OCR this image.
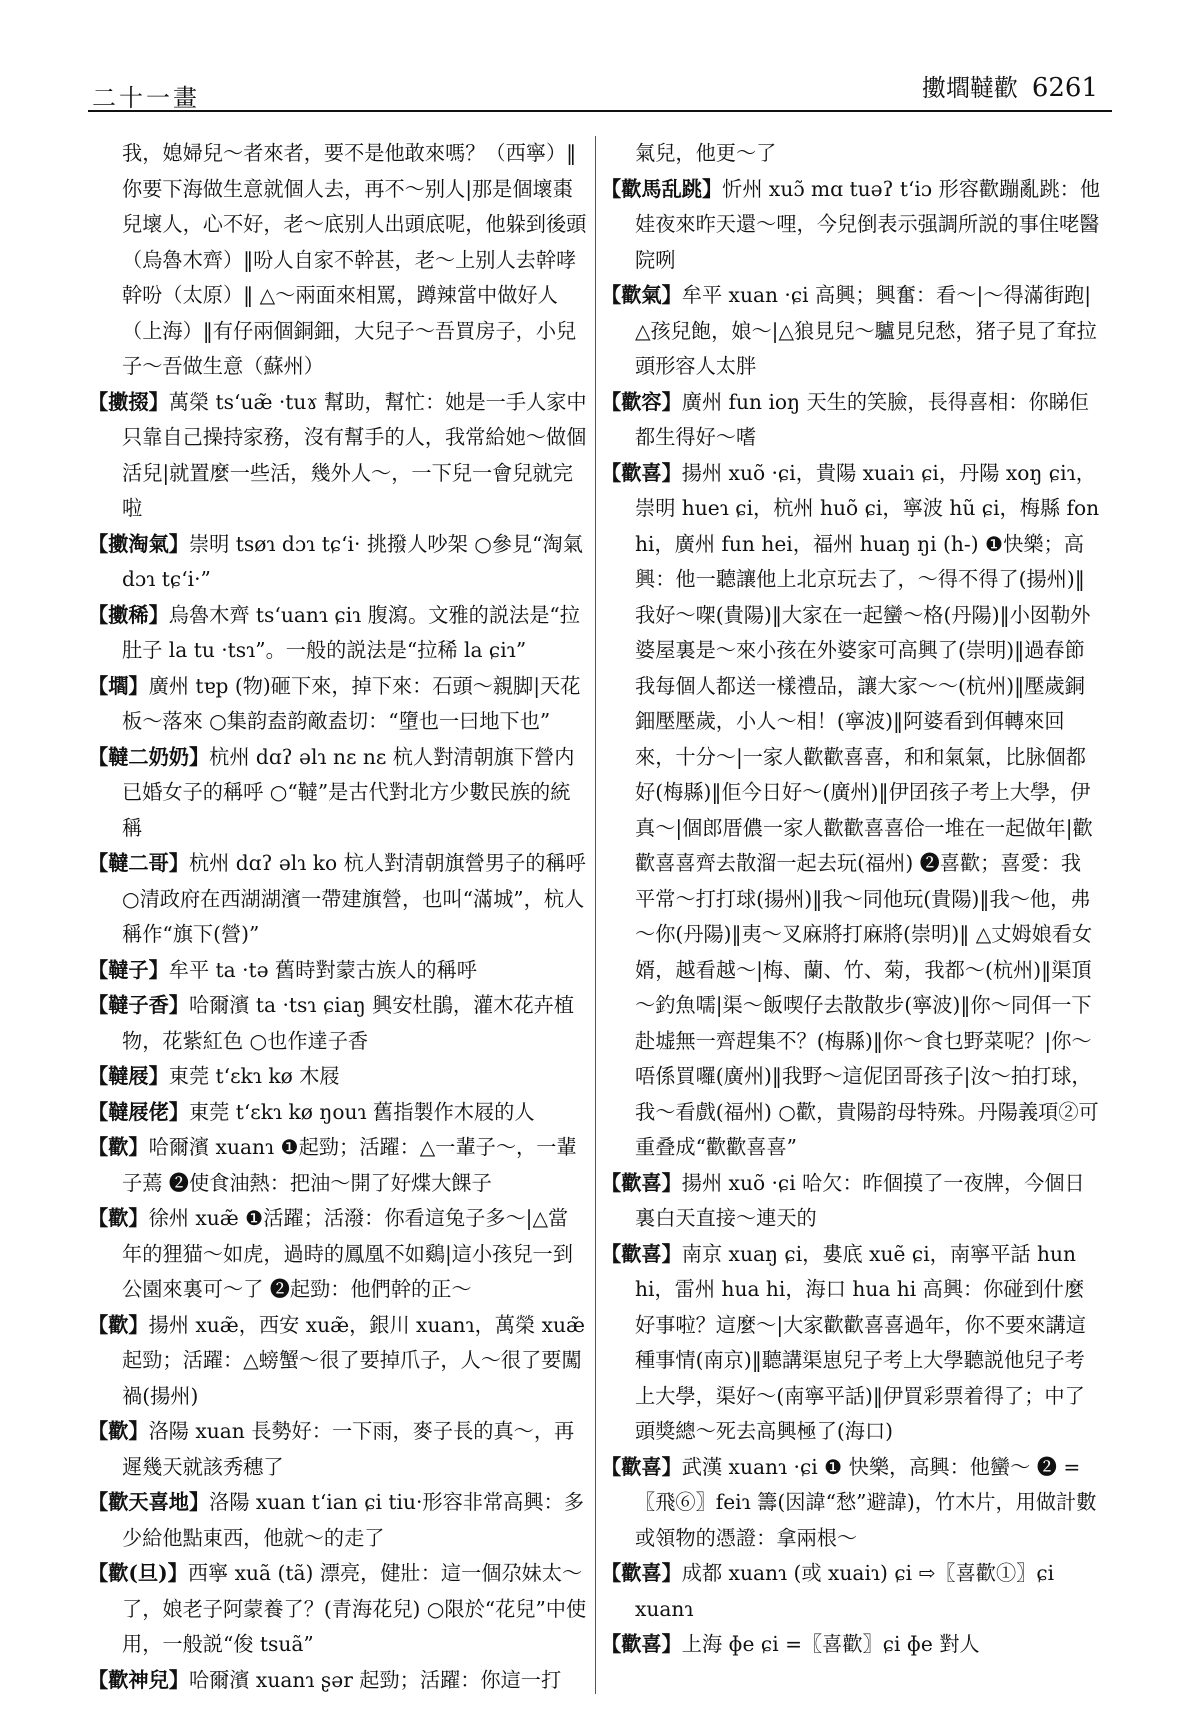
二十一畫	擻壛韃歡 6261

我，媳婦兒～者來者，要不是他敢來嗎？（西寧）‖你要下海做生意就個人去，再不～别人|那是個壞棗兒壞人，心不好，老～底别人出頭底呢，他躲到後頭（烏魯木齊）‖吩人自家不幹甚，老～上别人去幹哮幹吩（太原）‖ △～兩面來相罵，蹲辣當中做好人（上海）‖有仔兩個銅鈿，大兒子～吾買房子，小兒子～吾做生意（蘇州）

【擻掇】萬榮 tsʻuæ̃ ·tuɤ 幫助，幫忙：她是一手人家中只靠自己操持家務，沒有幫手的人，我常給她～做個活兒|就置麼一些活，幾外人～，一下兒一會兒就完啦

【擻淘氣】崇明 tsøɿ dɔɿ tɕʻi· 挑撥人吵架 ○參見“淘氣 dɔɿ tɕʻi·”

【擻稀】烏魯木齊 tsʻuanɿ ɕiɿ 腹瀉。文雅的説法是“拉肚子 la tu ·tsɿ”。一般的説法是“拉稀 la ɕiɿ”

【壛】廣州 tɐp (物)砸下來，掉下來：石頭～親脚|天花板～落來 ○集韵盍韵敵盍切：“墮也一曰地下也”

【韃二奶奶】杭州 dɑʔ əlɿ nɛ nɛ 杭人對清朝旗下營内已婚女子的稱呼 ○“韃”是古代對北方少數民族的統稱

【韃二哥】杭州 dɑʔ əlɿ ko 杭人對清朝旗營男子的稱呼 ○清政府在西湖湖濱一帶建旗營，也叫“滿城”，杭人稱作“旗下(營)”

【韃子】牟平 ta ·tə 舊時對蒙古族人的稱呼

【韃子香】哈爾濱 ta ·tsɿ ɕiaŋ 興安杜鵑，灌木花卉植物，花紫紅色 ○也作達子香

【韃屐】東莞 tʻɛkɿ kø 木屐

【韃屐佬】東莞 tʻɛkɿ kø ŋouɿ 舊指製作木屐的人

【歡】哈爾濱 xuanɿ ❶起勁；活躍：△一輩子～，一輩子蔫 ❷使食油熱：把油～開了好煠大餜子

【歡】徐州 xuæ̃ ❶活躍；活潑：你看這兔子多～|△當年的狸猫～如虎，過時的鳳凰不如鷄|這小孩兒一到公園來裏可～了 ❷起勁：他們幹的正～

【歡】揚州 xuæ̃，西安 xuæ̃，銀川 xuanɿ，萬榮 xuæ̃ 起勁；活躍：△螃蟹～很了要掉爪子，人～很了要闖禍(揚州)

【歡】洛陽 xuan 長勢好：一下雨，麥子長的真～，再遲幾天就該秀穗了

【歡天喜地】洛陽 xuan tʻian ɕi tiu·形容非常高興：多少給他點東西，他就～的走了

【歡(旦)】西寧 xuã (tã) 漂亮，健壯：這一個尕妹太～了，娘老子阿蒙養了？(青海花兒) ○限於“花兒”中使用，一般説“俊 tsuã”

【歡神兒】哈爾濱 xuanɿ ʂər 起勁；活躍：你這一打

氣兒，他更～了

【歡馬乱跳】忻州 xuɔ̃ mɑ tuəʔ tʻiɔ 形容歡蹦亂跳：他娃夜來昨天還～哩，今兒倒表示强調所説的事住咾醫院咧

【歡氣】牟平 xuan ·ɕi 高興；興奮：看～|～得滿街跑|△孩兒飽，娘～|△狼見兒～驢見兒愁，猪子見了耷拉頭形容人太胖

【歡容】廣州 fun ioŋ 天生的笑臉，長得喜相：你睇佢都生得好～嗜

【歡喜】揚州 xuõ ·ɕi，貴陽 xuaiɿ ɕi，丹陽 xoŋ ɕiɿ，崇明 hueɿ ɕi，杭州 huõ ɕi，寧波 hũ ɕi，梅縣 fon hi，廣州 fun hei，福州 huaŋ ŋi (h-) ❶快樂；高興：他一聽讓他上北京玩去了，～得不得了(揚州)‖我好～㗎(貴陽)‖大家在一起蠻～格(丹陽)‖小囡勒外婆屋裏是～來小孩在外婆家可高興了(崇明)‖過春節我每個人都送一樣禮品，讓大家～～(杭州)‖壓歲銅鈿壓壓歲，小人～相！(寧波)‖阿婆看到佴轉來回來，十分～|一家人歡歡喜喜，和和氣氣，比脉個都好(梅縣)‖佢今日好～(廣州)‖伊囝孩子考上大學，伊真～|個郎厝儂一家人歡歡喜喜佮一堆在一起做年|歡歡喜喜齊去散溜一起去玩(福州) ❷喜歡；喜愛：我平常～打打球(揚州)‖我～同他玩(貴陽)‖我～他，弗～你(丹陽)‖夷～叉麻將打麻將(崇明)‖ △丈姆娘看女婿，越看越～|梅、蘭、竹、菊，我都～(杭州)‖渠頂～釣魚嚅|渠～飯喫仔去散散步(寧波)‖你～同佴一下赴墟無一齊趕集不？(梅縣)‖你～食乜野菜呢？|你～唔係買囉(廣州)‖我野～這伲囝哥孩子|汝～拍打球，我～看戲(福州) ○歡，貴陽韵母特殊。丹陽義項②可重叠成“歡歡喜喜”

【歡喜】揚州 xuõ ·ɕi 哈欠：昨個摸了一夜牌，今個日裏白天直接～連天的

【歡喜】南京 xuaŋ ɕi，婁底 xuẽ ɕi，南寧平話 hun hi，雷州 hua hi，海口 hua hi 高興：你碰到什麼好事啦？這麼～|大家歡歡喜喜過年，你不要來講這種事情(南京)‖聽講渠崽兒子考上大學聽説他兒子考上大學，渠好～(南寧平話)‖伊買彩票着得了；中了頭獎總～死去高興極了(海口)

【歡喜】武漢 xuanɿ ·ɕi ❶ 快樂，高興：他蠻～ ❷ =〖飛⑥〗feiɿ 籌(因諱“愁”避諱)，竹木片，用做計數或領物的憑證：拿兩根～

【歡喜】成都 xuanɿ (或 xuaiɿ) ɕi ⇨〖喜歡①〗ɕi xuanɿ

【歡喜】上海 ɸe ɕi =〖喜歡〗ɕi ɸe 對人
